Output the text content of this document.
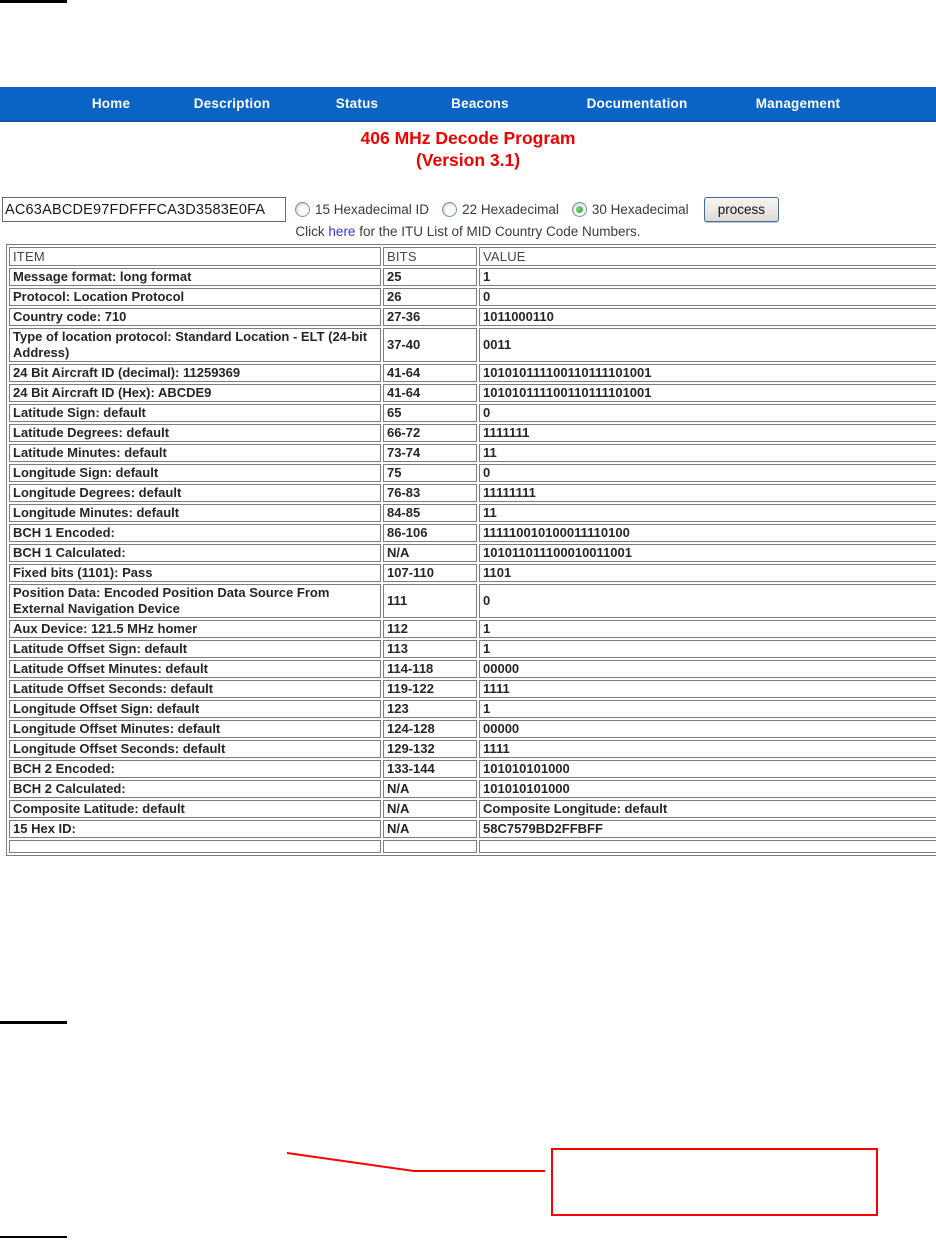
Home	Description	Status	Beacons	Documentation	Management
406 MHz Decode Program
(Version 3.1)
AC63ABCDE97FDFFFCA3D3583E0FA
15 Hexadecimal ID 22 Hexadecimal 30 Hexadecimal	process
Click here for the ITU List of MID Country Code Numbers.
ITEM	BITS	VALUE
Message format: long format	25	1
Protocol: Location Protocol	26	0
Country code: 710	27-36	1011000110
Type of location protocol: Standard Location - ELT (24-bit Address)	37-40	0011
24 Bit Aircraft ID (decimal): 11259369	41-64	101010111100110111101001
24 Bit Aircraft ID (Hex): ABCDE9	41-64	101010111100110111101001
Latitude Sign: default	65	0
Latitude Degrees: default	66-72	1111111
Latitude Minutes: default	73-74	11
Longitude Sign: default	75	0
Longitude Degrees: default	76-83	11111111
Longitude Minutes: default	84-85	11
BCH 1 Encoded:	86-106	111110010100011110100
BCH 1 Calculated:	N/A	101011011100010011001
Fixed bits (1101): Pass	107-110	1101
Position Data: Encoded Position Data Source From External Navigation Device	111	0
Aux Device: 121.5 MHz homer	112	1
Latitude Offset Sign: default	113	1
Latitude Offset Minutes: default	114-118	00000
Latitude Offset Seconds: default	119-122	1111
Longitude Offset Sign: default	123	1
Longitude Offset Minutes: default	124-128	00000
Longitude Offset Seconds: default	129-132	1111
BCH 2 Encoded:	133-144	101010101000
BCH 2 Calculated:	N/A	101010101000
Composite Latitude: default	N/A	Composite Longitude: default
15 Hex ID:	N/A	58C7579BD2FFBFF
